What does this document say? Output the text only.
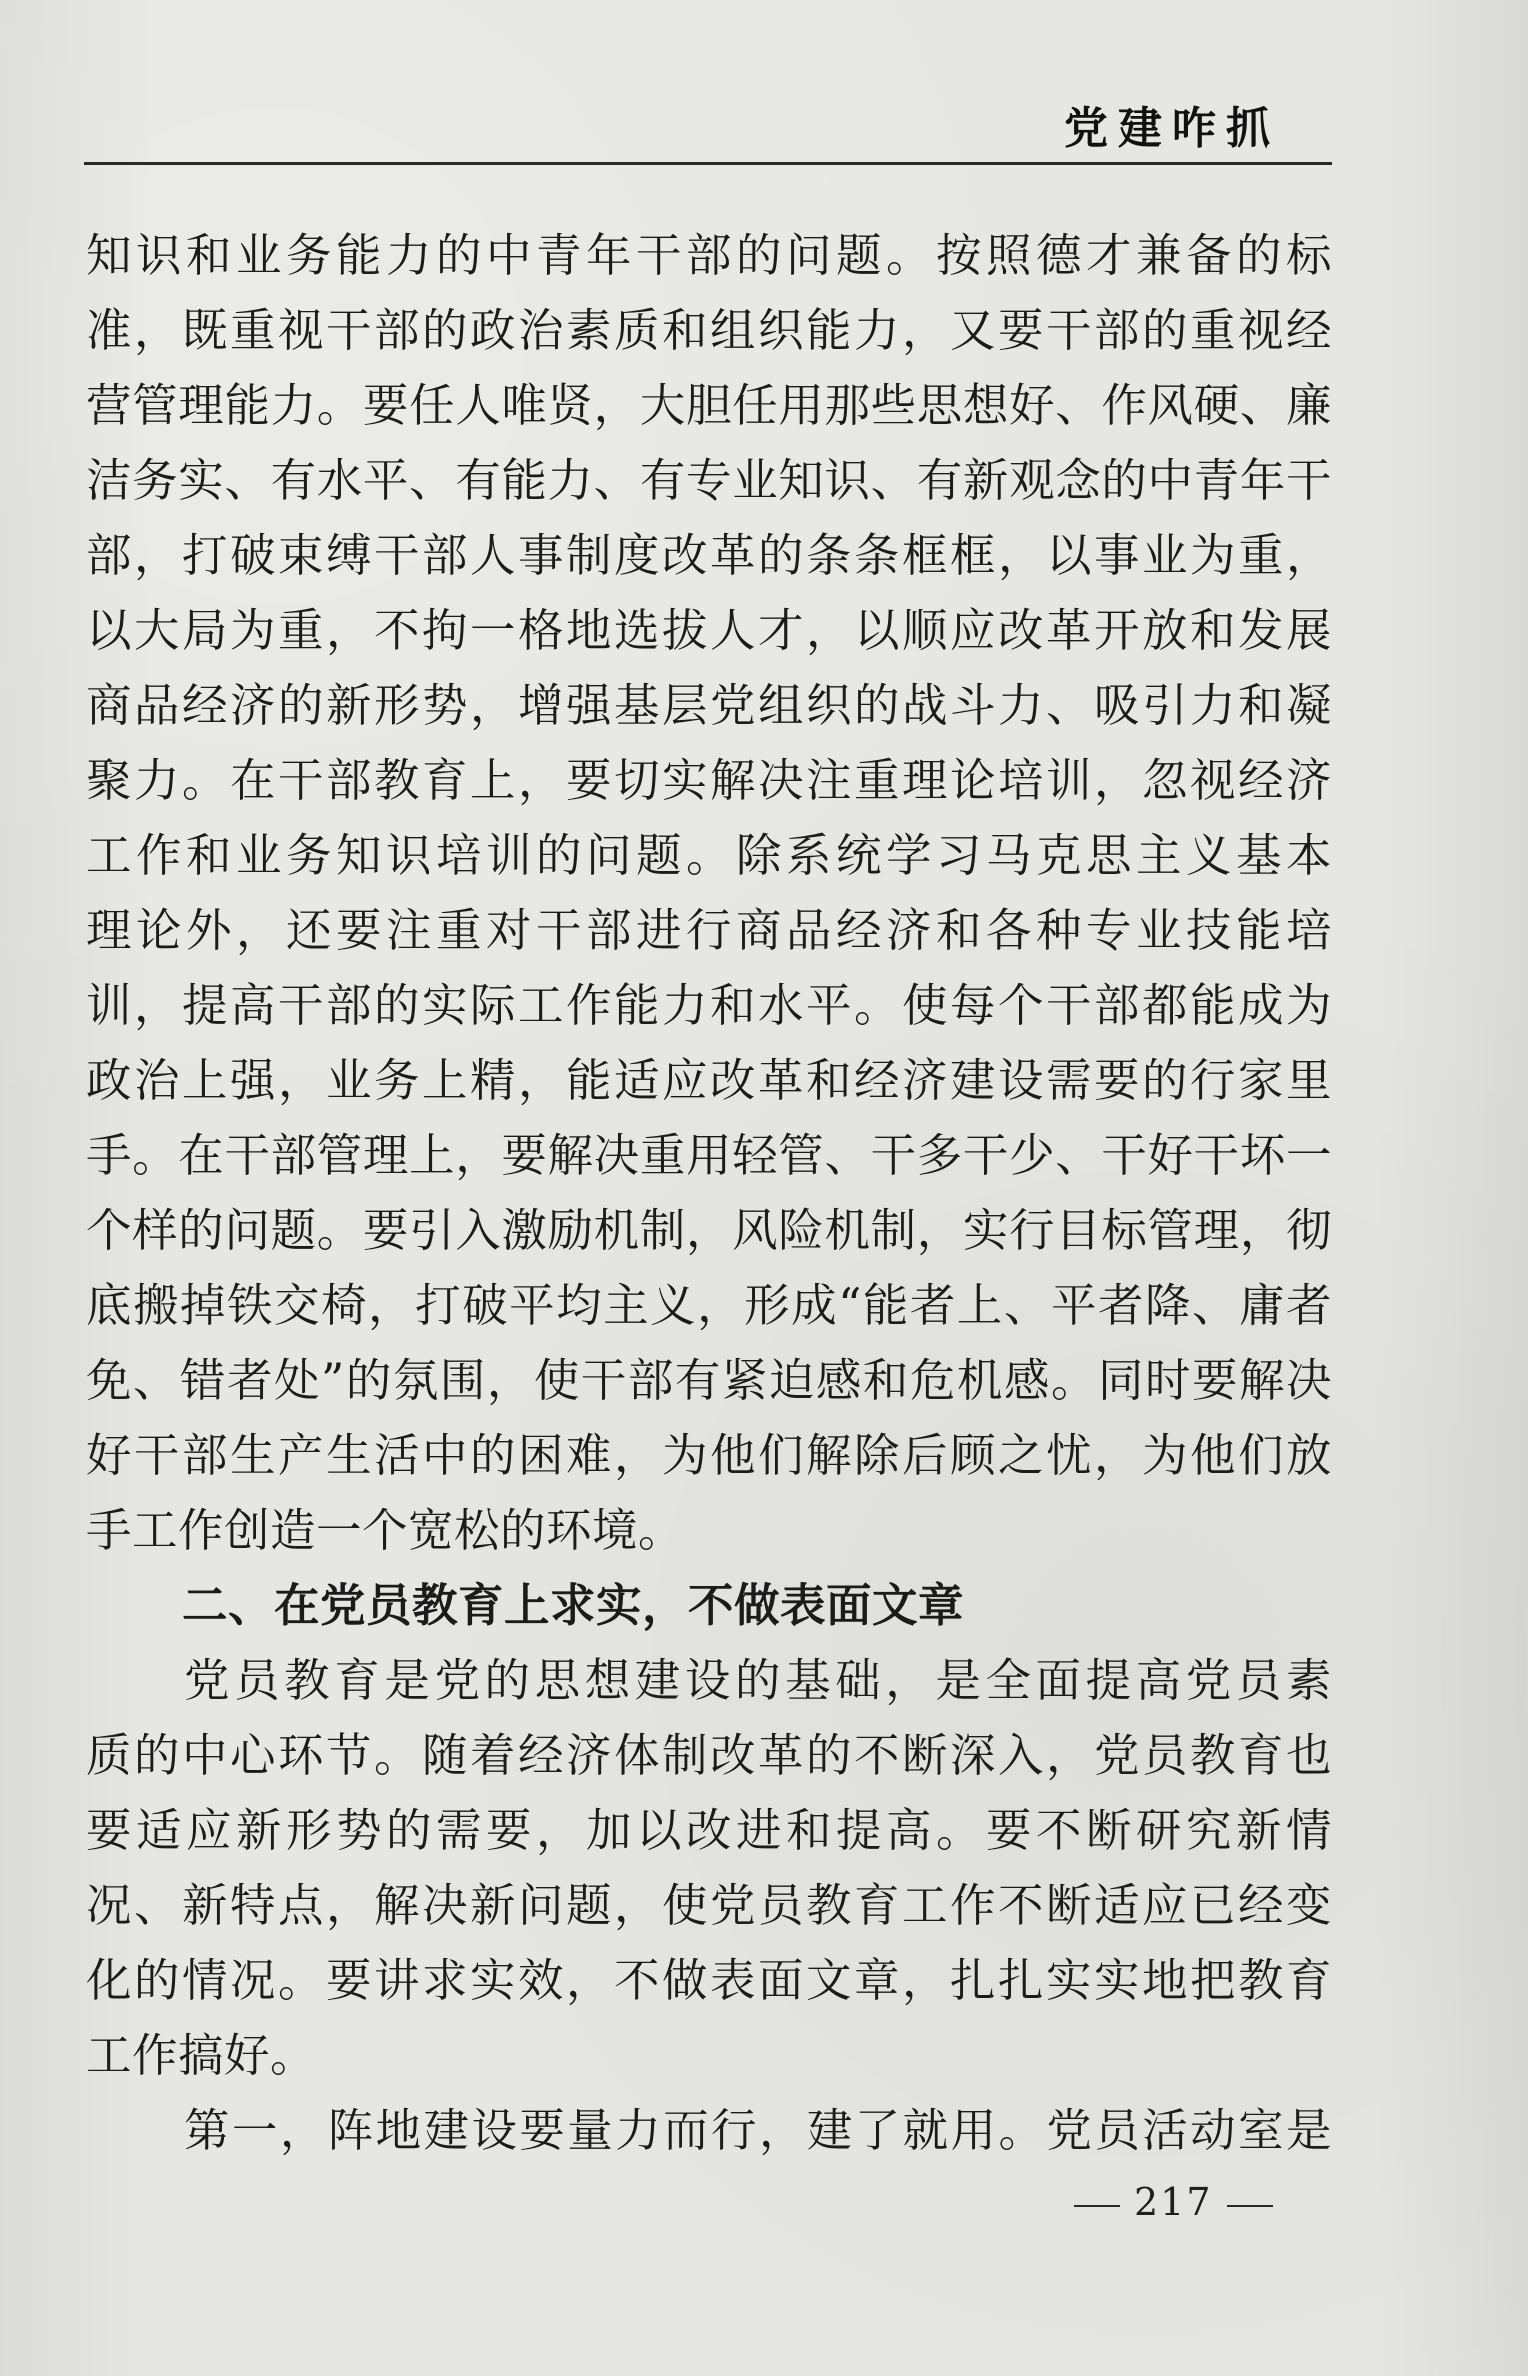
党建咋抓
知识和业务能力的中青年干部的问题。按照德才兼备的标
准，既重视干部的政治素质和组织能力，又要干部的重视经
营管理能力。要任人唯贤，大胆任用那些思想好、作风硬、廉
洁务实、有水平、有能力、有专业知识、有新观念的中青年干
部，打破束缚干部人事制度改革的条条框框，以事业为重，
以大局为重，不拘一格地选拔人才，以顺应改革开放和发展
商品经济的新形势，增强基层党组织的战斗力、吸引力和凝
聚力。在干部教育上，要切实解决注重理论培训，忽视经济
工作和业务知识培训的问题。除系统学习马克思主义基本
理论外，还要注重对干部进行商品经济和各种专业技能培
训，提高干部的实际工作能力和水平。使每个干部都能成为
政治上强，业务上精，能适应改革和经济建设需要的行家里
手。在干部管理上，要解决重用轻管、干多干少、干好干坏一
个样的问题。要引入激励机制，风险机制，实行目标管理，彻
底搬掉铁交椅，打破平均主义，形成“能者上、平者降、庸者
免、错者处”的氛围，使干部有紧迫感和危机感。同时要解决
好干部生产生活中的困难，为他们解除后顾之忧，为他们放
手工作创造一个宽松的环境。
二、在党员教育上求实，不做表面文章
党员教育是党的思想建设的基础，是全面提高党员素
质的中心环节。随着经济体制改革的不断深入，党员教育也
要适应新形势的需要，加以改进和提高。要不断研究新情
况、新特点，解决新问题，使党员教育工作不断适应已经变
化的情况。要讲求实效，不做表面文章，扎扎实实地把教育
工作搞好。
第一，阵地建设要量力而行，建了就用。党员活动室是
217
